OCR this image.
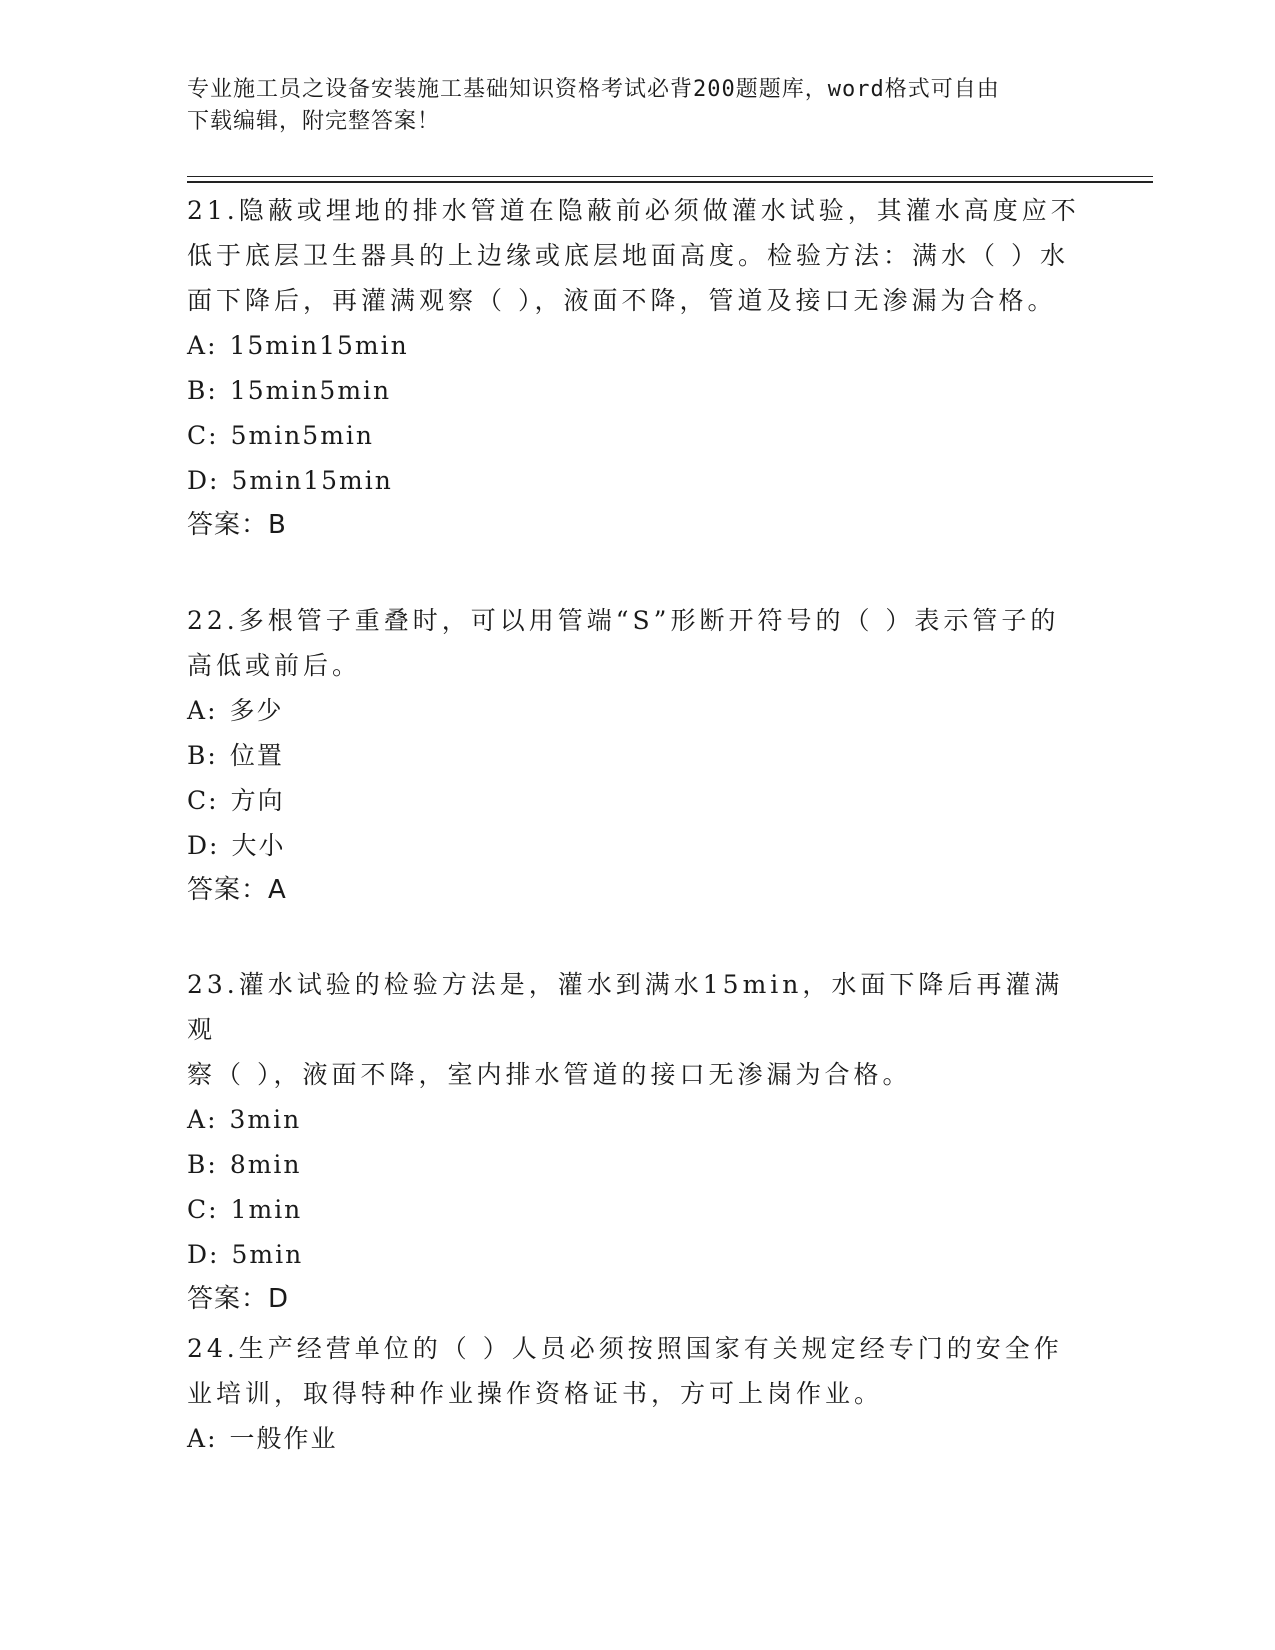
专业施工员之设备安装施工基础知识资格考试必背200题题库，word格式可自由
下载编辑，附完整答案！

21.隐蔽或埋地的排水管道在隐蔽前必须做灌水试验，其灌水高度应不

低于底层卫生器具的上边缘或底层地面高度。检验方法：满水（ ）水

面下降后，再灌满观察（ ），液面不降，管道及接口无渗漏为合格。

A: 15min15min

B: 15min5min

C: 5min5min

D: 5min15min

答案：B

22.多根管子重叠时，可以用管端“S”形断开符号的（ ）表示管子的

高低或前后。

A: 多少

B: 位置

C: 方向

D: 大小

答案：A

23.灌水试验的检验方法是，灌水到满水15min，水面下降后再灌满观

察（ ），液面不降，室内排水管道的接口无渗漏为合格。

A: 3min

B: 8min

C: 1min

D: 5min

答案：D

24.生产经营单位的（ ）人员必须按照国家有关规定经专门的安全作

业培训，取得特种作业操作资格证书，方可上岗作业。

A: 一般作业
